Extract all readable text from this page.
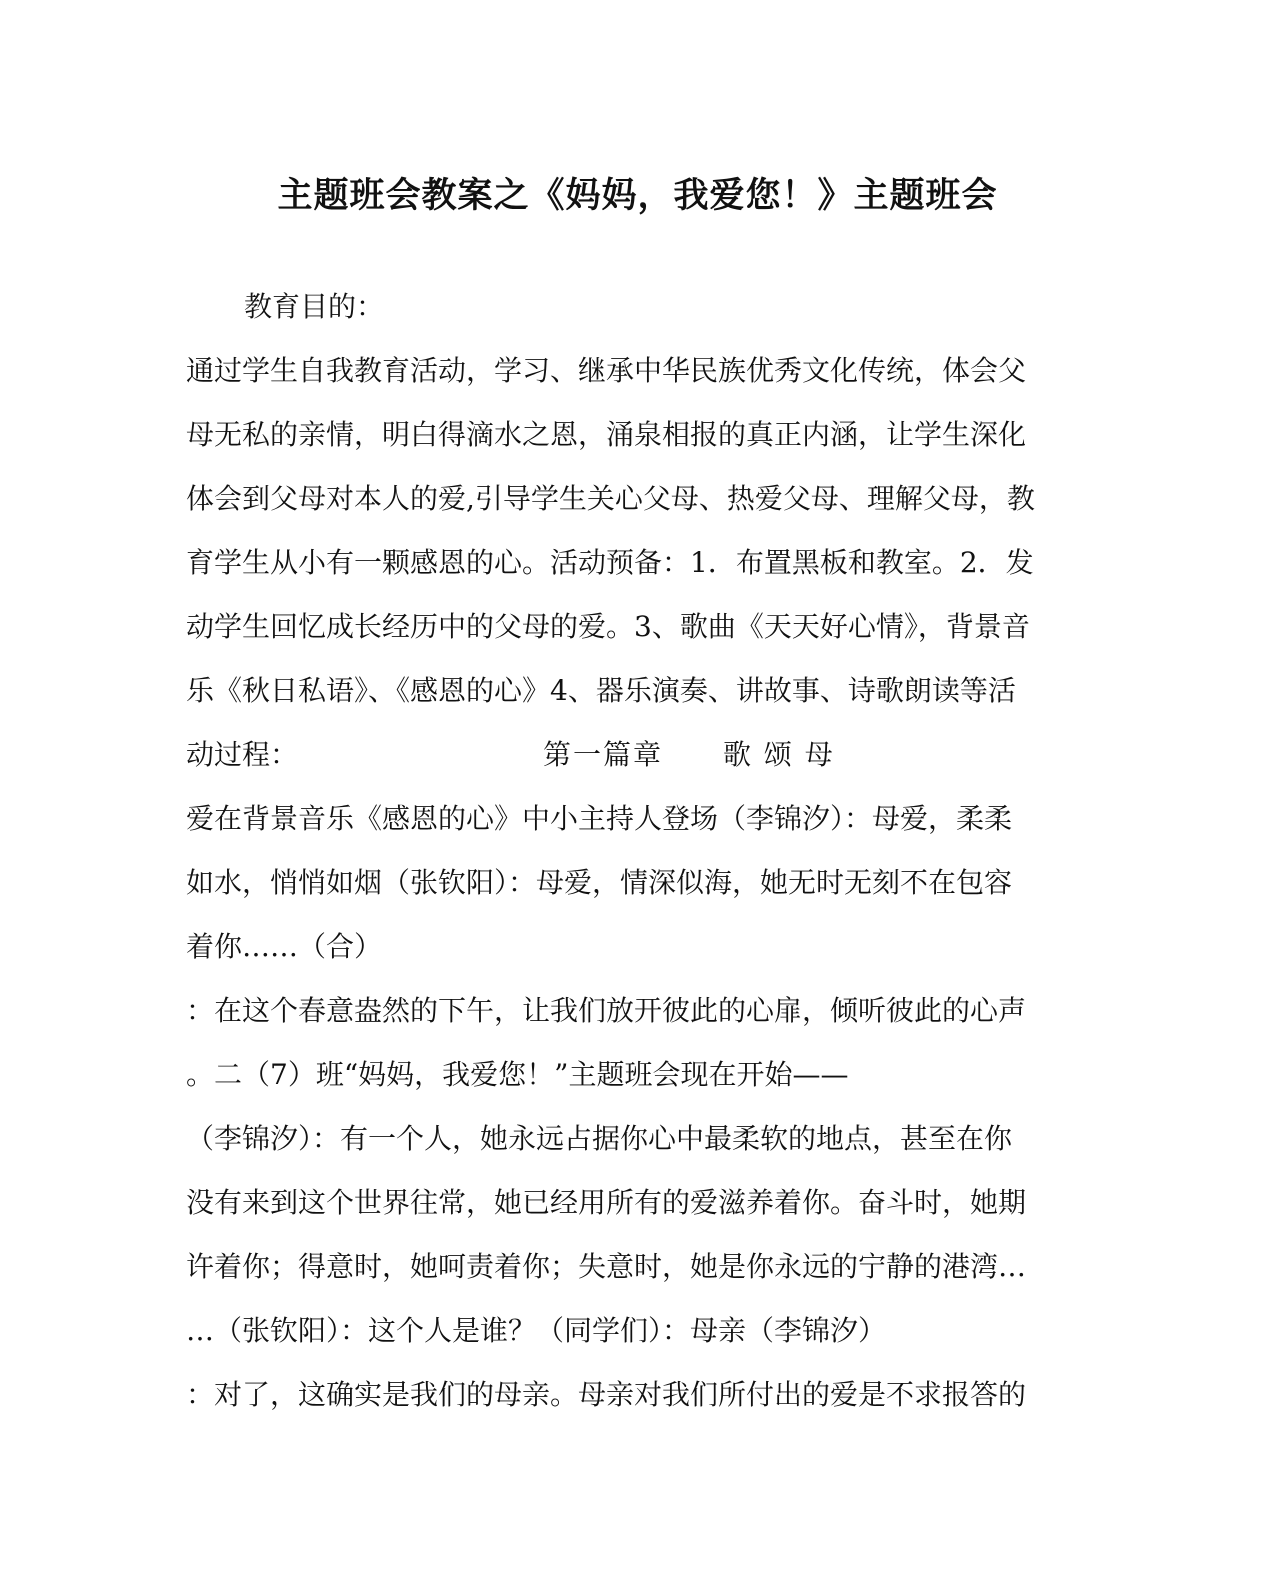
主题班会教案之《妈妈，我爱您！》主题班会
教育目的：
通过学生自我教育活动，学习、继承中华民族优秀文化传统，体会父
母无私的亲情，明白得滴水之恩，涌泉相报的真正内涵，让学生深化
体会到父母对本人的爱,引导学生关心父母、热爱父母、理解父母，教
育学生从小有一颗感恩的心。活动预备：1．布置黑板和教室。2．发
动学生回忆成长经历中的父母的爱。3、歌曲《天天好心情》，背景音
乐《秋日私语》、《感恩的心》4、器乐演奏、讲故事、诗歌朗读等活
动过程：	第一篇章　　歌 颂 母
爱在背景音乐《感恩的心》中小主持人登场（李锦汐）：母爱，柔柔
如水，悄悄如烟（张钦阳）：母爱，情深似海，她无时无刻不在包容
着你……（合）
：在这个春意盎然的下午，让我们放开彼此的心扉，倾听彼此的心声
。二（7）班“妈妈，我爱您！”主题班会现在开始——
（李锦汐）：有一个人，她永远占据你心中最柔软的地点，甚至在你
没有来到这个世界往常，她已经用所有的爱滋养着你。奋斗时，她期
许着你；得意时，她呵责着你；失意时，她是你永远的宁静的港湾…
…（张钦阳）：这个人是谁？（同学们）：母亲（李锦汐）
：对了，这确实是我们的母亲。母亲对我们所付出的爱是不求报答的
